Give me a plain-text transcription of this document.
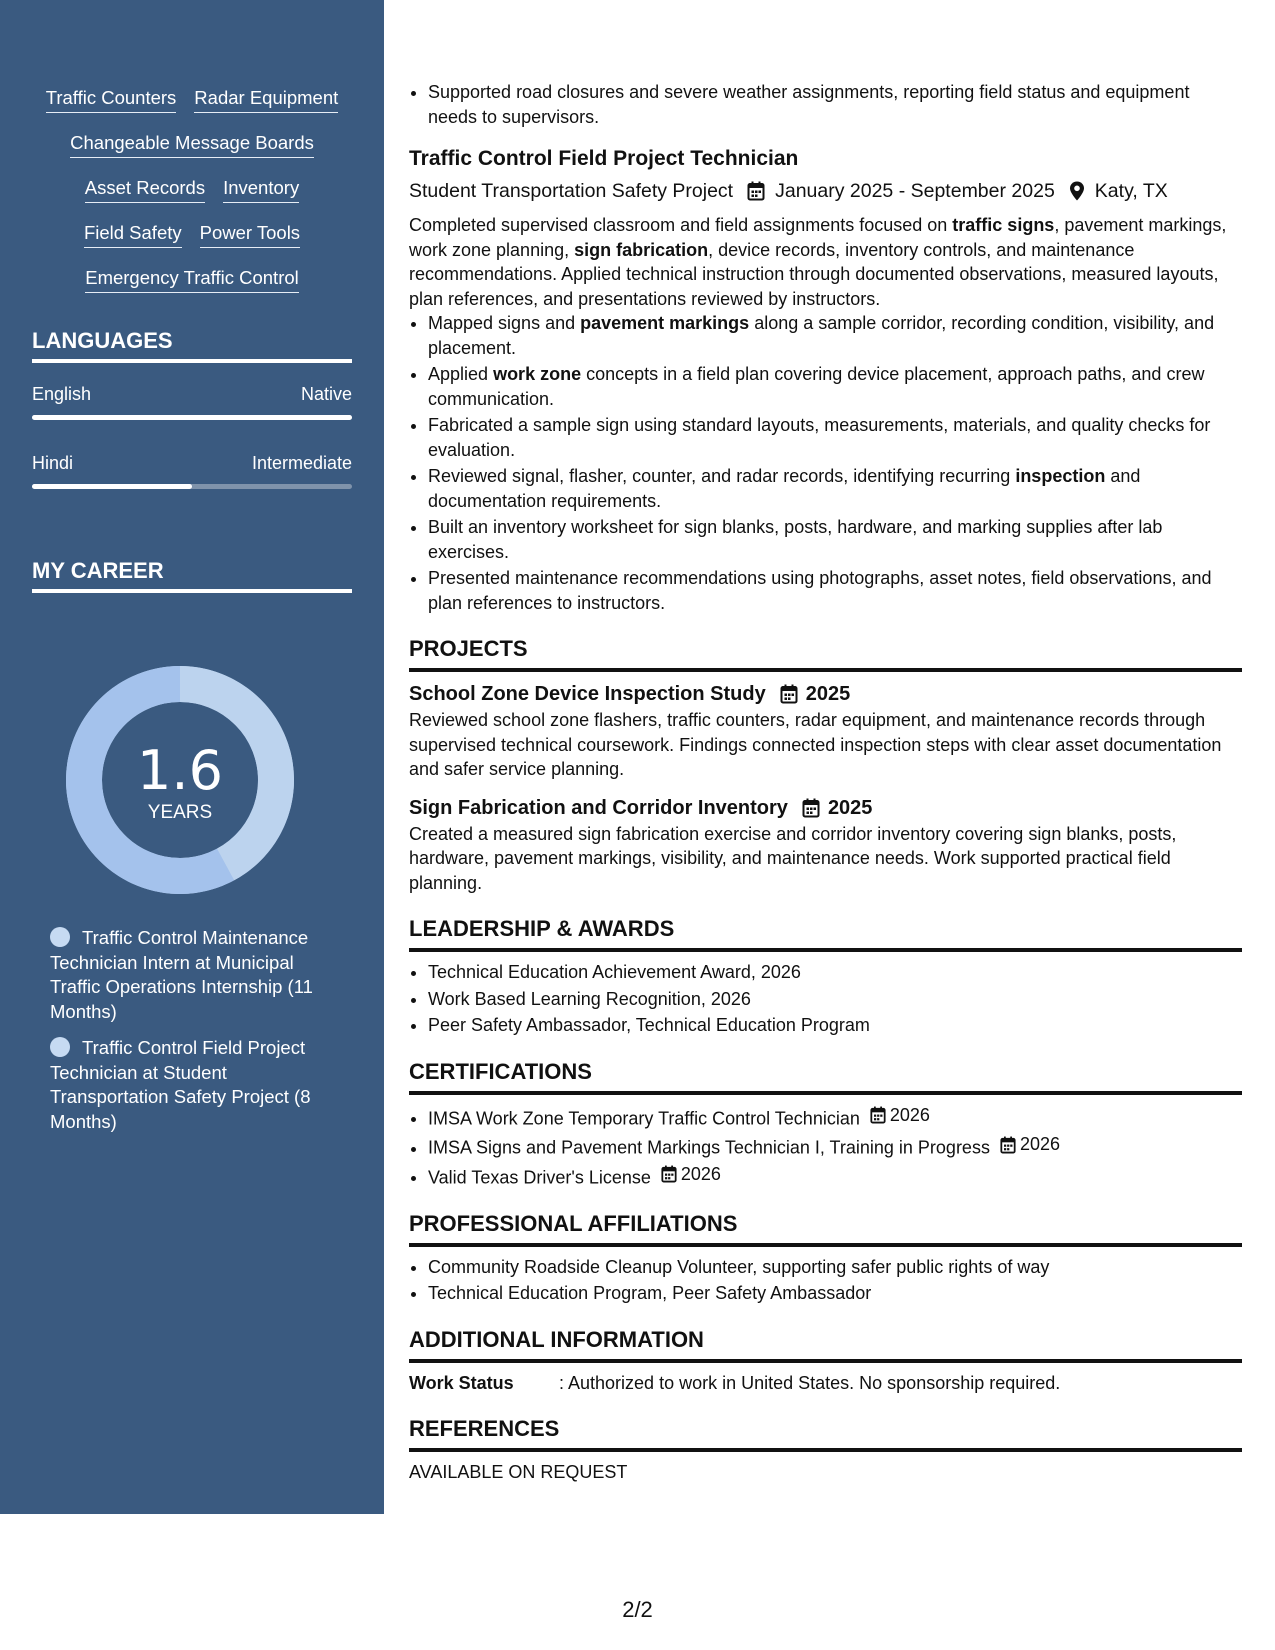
Traffic Counters Radar Equipment
Changeable Message Boards
Asset Records Inventory
Field Safety Power Tools
Emergency Traffic Control
LANGUAGES
English	Native
Hindi	Intermediate
MY CAREER
1.6
YEARS
Traffic Control Maintenance Technician Intern at Municipal Traffic Operations Internship (11 Months)
Traffic Control Field Project Technician at Student Transportation Safety Project (8 Months)
• Supported road closures and severe weather assignments, reporting field status and equipment needs to supervisors.
Traffic Control Field Project Technician
Student Transportation Safety Project January 2025 - September 2025 Katy, TX
Completed supervised classroom and field assignments focused on traffic signs, pavement markings, work zone planning, sign fabrication, device records, inventory controls, and maintenance recommendations. Applied technical instruction through documented observations, measured layouts, plan references, and presentations reviewed by instructors.
• Mapped signs and pavement markings along a sample corridor, recording condition, visibility, and placement.
• Applied work zone concepts in a field plan covering device placement, approach paths, and crew communication.
• Fabricated a sample sign using standard layouts, measurements, materials, and quality checks for evaluation.
• Reviewed signal, flasher, counter, and radar records, identifying recurring inspection and documentation requirements.
• Built an inventory worksheet for sign blanks, posts, hardware, and marking supplies after lab exercises.
• Presented maintenance recommendations using photographs, asset notes, field observations, and plan references to instructors.
PROJECTS
School Zone Device Inspection Study 2025
Reviewed school zone flashers, traffic counters, radar equipment, and maintenance records through supervised technical coursework. Findings connected inspection steps with clear asset documentation and safer service planning.
Sign Fabrication and Corridor Inventory 2025
Created a measured sign fabrication exercise and corridor inventory covering sign blanks, posts, hardware, pavement markings, visibility, and maintenance needs. Work supported practical field planning.
LEADERSHIP & AWARDS
• Technical Education Achievement Award, 2026
• Work Based Learning Recognition, 2026
• Peer Safety Ambassador, Technical Education Program
CERTIFICATIONS
• IMSA Work Zone Temporary Traffic Control Technician 2026
• IMSA Signs and Pavement Markings Technician I, Training in Progress 2026
• Valid Texas Driver's License 2026
PROFESSIONAL AFFILIATIONS
• Community Roadside Cleanup Volunteer, supporting safer public rights of way
• Technical Education Program, Peer Safety Ambassador
ADDITIONAL INFORMATION
Work Status	: Authorized to work in United States. No sponsorship required.
REFERENCES
AVAILABLE ON REQUEST
2/2
